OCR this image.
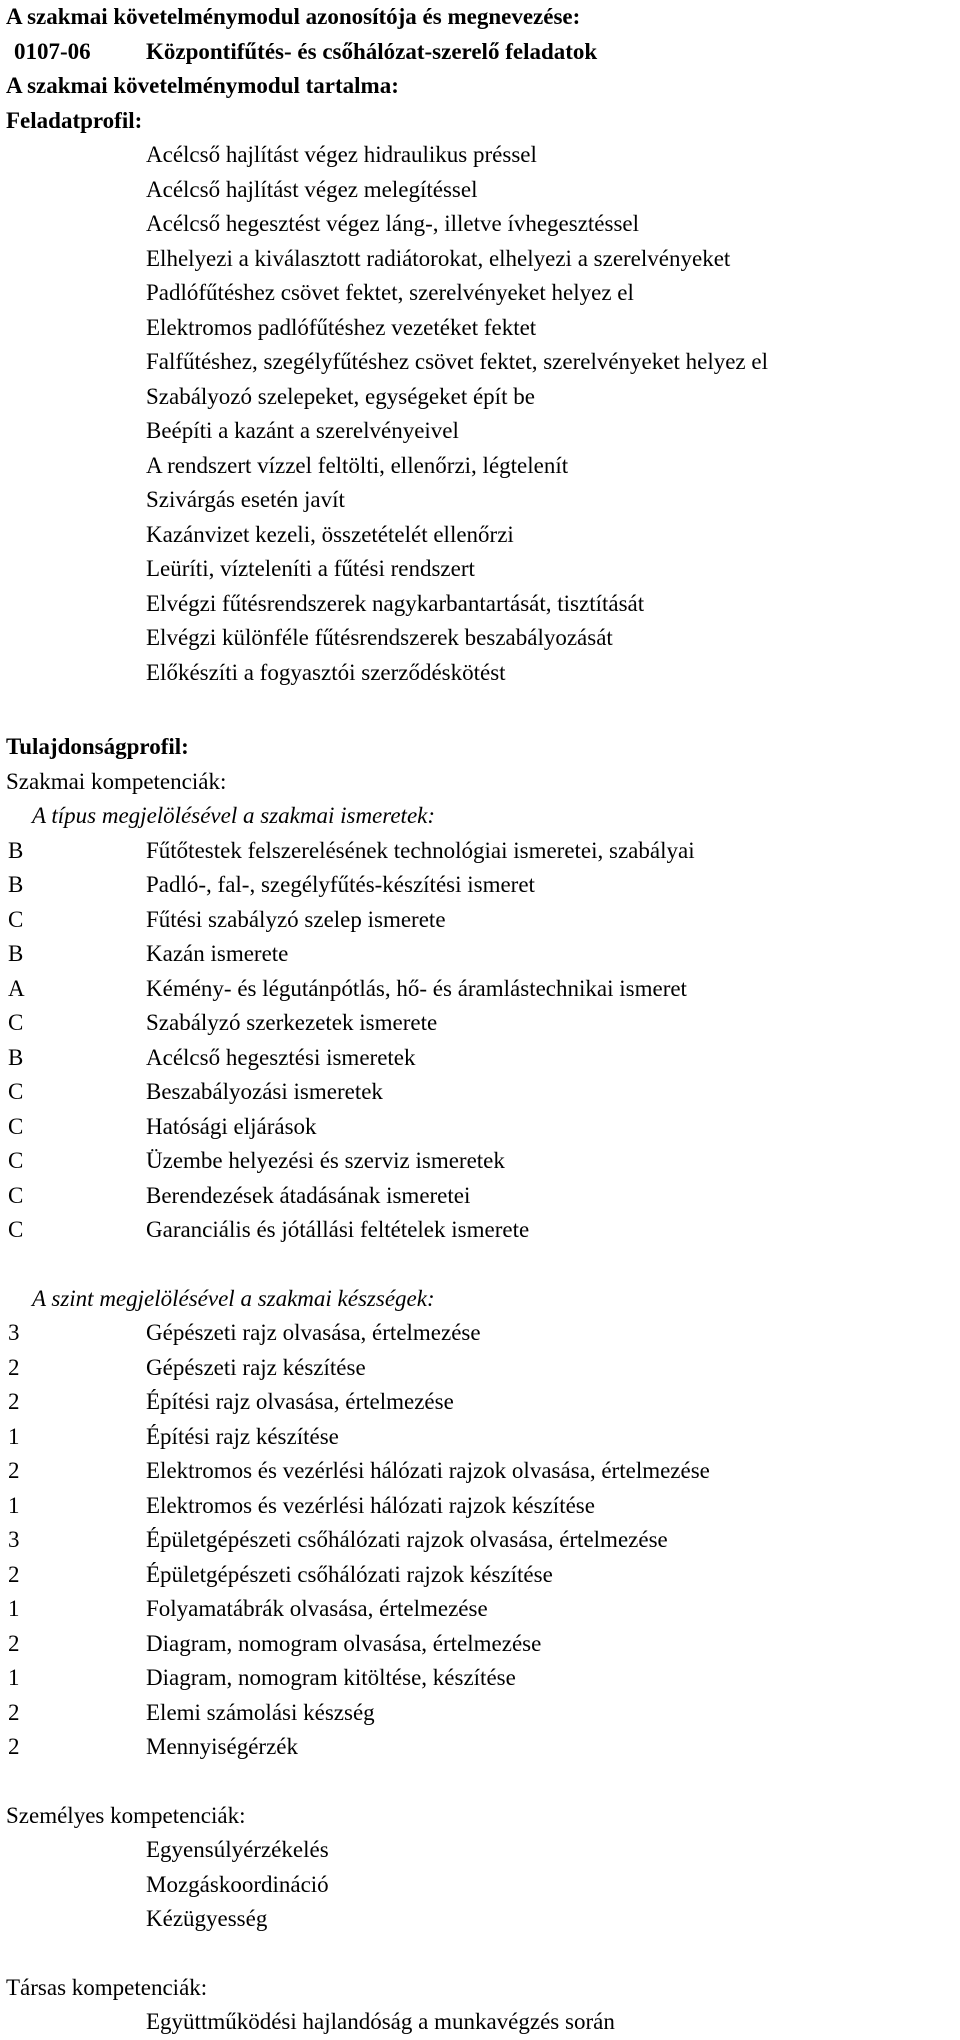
A szakmai követelménymodul azonosítója és megnevezése:
0107-06	Központifűtés- és csőhálózat-szerelő feladatok
A szakmai követelménymodul tartalma:
Feladatprofil:
Acélcső hajlítást végez hidraulikus préssel
Acélcső hajlítást végez melegítéssel
Acélcső hegesztést végez láng-, illetve ívhegesztéssel
Elhelyezi a kiválasztott radiátorokat, elhelyezi a szerelvényeket
Padlófűtéshez csövet fektet, szerelvényeket helyez el
Elektromos padlófűtéshez vezetéket fektet
Falfűtéshez, szegélyfűtéshez csövet fektet, szerelvényeket helyez el
Szabályozó szelepeket, egységeket épít be
Beépíti a kazánt a szerelvényeivel
A rendszert vízzel feltölti, ellenőrzi, légtelenít
Szivárgás esetén javít
Kazánvizet kezeli, összetételét ellenőrzi
Leüríti, vízteleníti a fűtési rendszert
Elvégzi fűtésrendszerek nagykarbantartását, tisztítását
Elvégzi különféle fűtésrendszerek beszabályozását
Előkészíti a fogyasztói szerződéskötést
Tulajdonságprofil:
Szakmai kompetenciák:
A típus megjelölésével a szakmai ismeretek:
B	Fűtőtestek felszerelésének technológiai ismeretei, szabályai
B	Padló-, fal-, szegélyfűtés-készítési ismeret
C	Fűtési szabályzó szelep ismerete
B	Kazán ismerete
A	Kémény- és légutánpótlás, hő- és áramlástechnikai ismeret
C	Szabályzó szerkezetek ismerete
B	Acélcső hegesztési ismeretek
C	Beszabályozási ismeretek
C	Hatósági eljárások
C	Üzembe helyezési és szerviz ismeretek
C	Berendezések átadásának ismeretei
C	Garanciális és jótállási feltételek ismerete
A szint megjelölésével a szakmai készségek:
3	Gépészeti rajz olvasása, értelmezése
2	Gépészeti rajz készítése
2	Építési rajz olvasása, értelmezése
1	Építési rajz készítése
2	Elektromos és vezérlési hálózati rajzok olvasása, értelmezése
1	Elektromos és vezérlési hálózati rajzok készítése
3	Épületgépészeti csőhálózati rajzok olvasása, értelmezése
2	Épületgépészeti csőhálózati rajzok készítése
1	Folyamatábrák olvasása, értelmezése
2	Diagram, nomogram olvasása, értelmezése
1	Diagram, nomogram kitöltése, készítése
2	Elemi számolási készség
2	Mennyiségérzék
Személyes kompetenciák:
Egyensúlyérzékelés
Mozgáskoordináció
Kézügyesség
Társas kompetenciák:
Együttműködési hajlandóság a munkavégzés során
